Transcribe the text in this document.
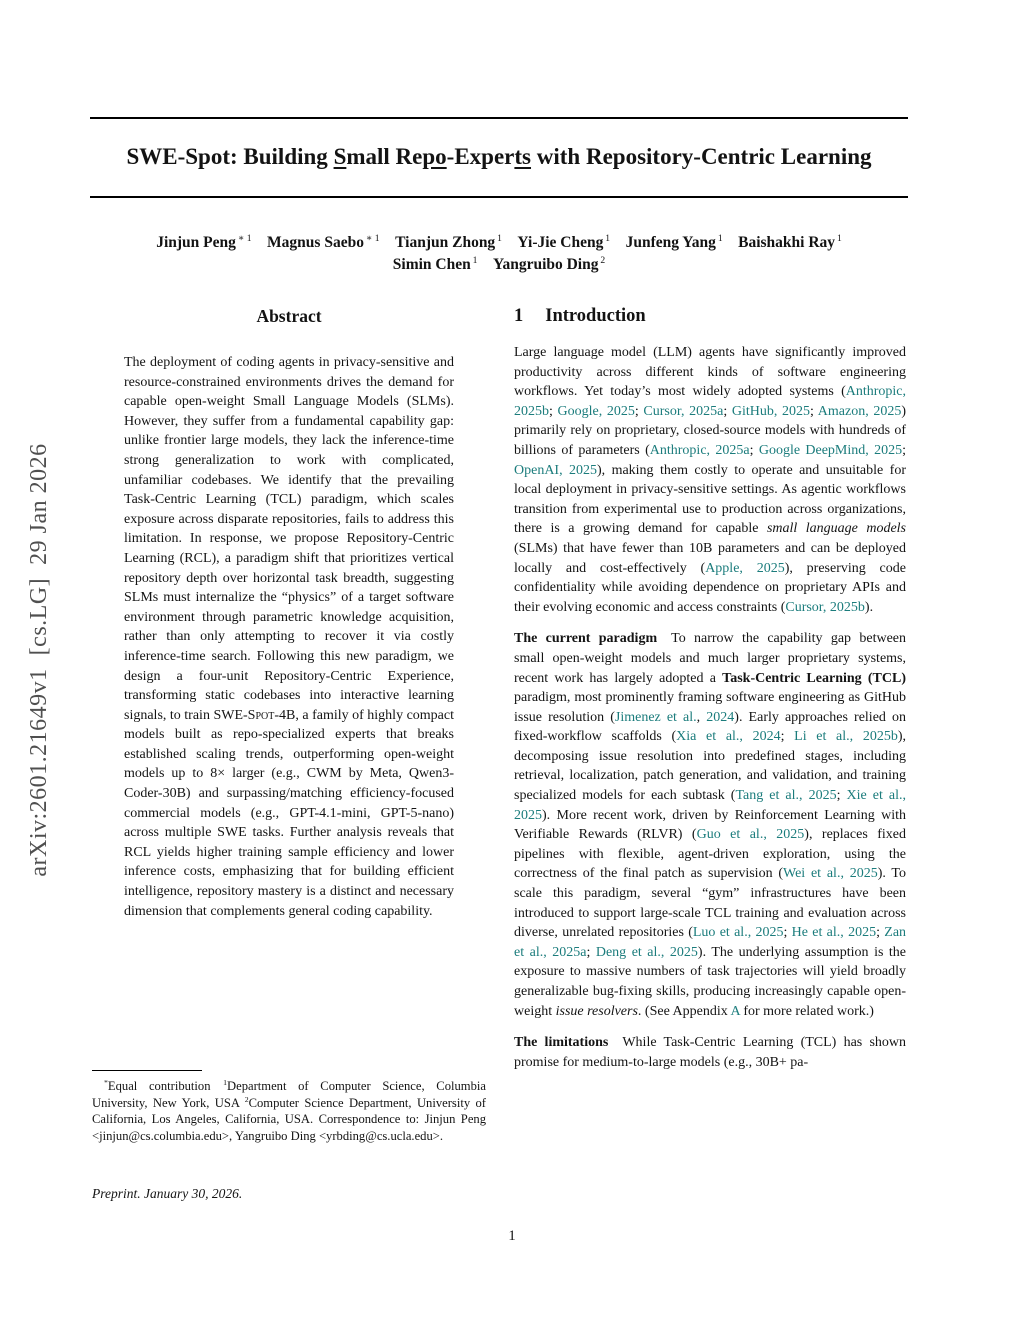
arXiv:2601.21649v1  [cs.LG]  29 Jan 2026
SWE-Spot: Building Small Repo-Experts with Repository-Centric Learning
Jinjun Peng $^{∗ 1}$  Magnus Saebo $^{∗ 1}$  Tianjun Zhong $^1$  Yi-Jie Cheng $^1$  Junfeng Yang $^1$  Baishakhi Ray $^1$
Simin Chen $^1$  Yangruibo Ding $^2$
Abstract
The deployment of coding agents in privacy-sensitive and resource-constrained environments drives the demand for capable open-weight Small Language Models (SLMs). However, they suffer from a fundamental capability gap: unlike frontier large models, they lack the inference-time strong generalization to work with complicated, unfamiliar codebases. We identify that the prevailing Task-Centric Learning (TCL) paradigm, which scales exposure across disparate repositories, fails to address this limitation. In response, we propose Repository-Centric Learning (RCL), a paradigm shift that prioritizes vertical repository depth over horizontal task breadth, suggesting SLMs must internalize the “physics” of a target software environment through parametric knowledge acquisition, rather than only attempting to recover it via costly inference-time search. Following this new paradigm, we design a four-unit Repository-Centric Experience, transforming static codebases into interactive learning signals, to train SWE-Spot-4B, a family of highly compact models built as repo-specialized experts that breaks established scaling trends, outperforming open-weight models up to 8× larger (e.g., CWM by Meta, Qwen3-Coder-30B) and surpassing/matching efficiency-focused commercial models (e.g., GPT-4.1-mini, GPT-5-nano) across multiple SWE tasks. Further analysis reveals that RCL yields higher training sample efficiency and lower inference costs, emphasizing that for building efficient intelligence, repository mastery is a distinct and necessary dimension that complements general coding capability.
1 Introduction

Large language model (LLM) agents have significantly improved productivity across different kinds of software engineering workflows. Yet today’s most widely adopted systems (Anthropic, 2025b; Google, 2025; Cursor, 2025a; GitHub, 2025; Amazon, 2025) primarily rely on proprietary, closed-source models with hundreds of billions of parameters (Anthropic, 2025a; Google DeepMind, 2025; OpenAI, 2025), making them costly to operate and unsuitable for local deployment in privacy-sensitive settings. As agentic workflows transition from experimental use to production across organizations, there is a growing demand for capable small language models (SLMs) that have fewer than 10B parameters and can be deployed locally and cost-effectively (Apple, 2025), preserving code confidentiality while avoiding dependence on proprietary APIs and their evolving economic and access constraints (Cursor, 2025b).

The current paradigm To narrow the capability gap between small open-weight models and much larger proprietary systems, recent work has largely adopted a Task-Centric Learning (TCL) paradigm, most prominently framing software engineering as GitHub issue resolution (Jimenez et al., 2024). Early approaches relied on fixed-workflow scaffolds (Xia et al., 2024; Li et al., 2025b), decomposing issue resolution into predefined stages, including retrieval, localization, patch generation, and validation, and training specialized models for each subtask (Tang et al., 2025; Xie et al., 2025). More recent work, driven by Reinforcement Learning with Verifiable Rewards (RLVR) (Guo et al., 2025), replaces fixed pipelines with flexible, agent-driven exploration, using the correctness of the final patch as supervision (Wei et al., 2025). To scale this paradigm, several “gym” infrastructures have been introduced to support large-scale TCL training and evaluation across diverse, unrelated repositories (Luo et al., 2025; He et al., 2025; Zan et al., 2025a; Deng et al., 2025). The underlying assumption is the exposure to massive numbers of task trajectories will yield broadly generalizable bug-fixing skills, producing increasingly capable open-weight issue resolvers. (See Appendix A for more related work.)

The limitations While Task-Centric Learning (TCL) has shown promise for medium-to-large models (e.g., 30B+ pa-

*Equal contribution $^1$Department of Computer Science, Columbia University, New York, USA $^2$Computer Science Department, University of California, Los Angeles, California, USA. Correspondence to: Jinjun Peng <jinjun@cs.columbia.edu>, Yangruibo Ding <yrbding@cs.ucla.edu>.
Preprint. January 30, 2026.
1
